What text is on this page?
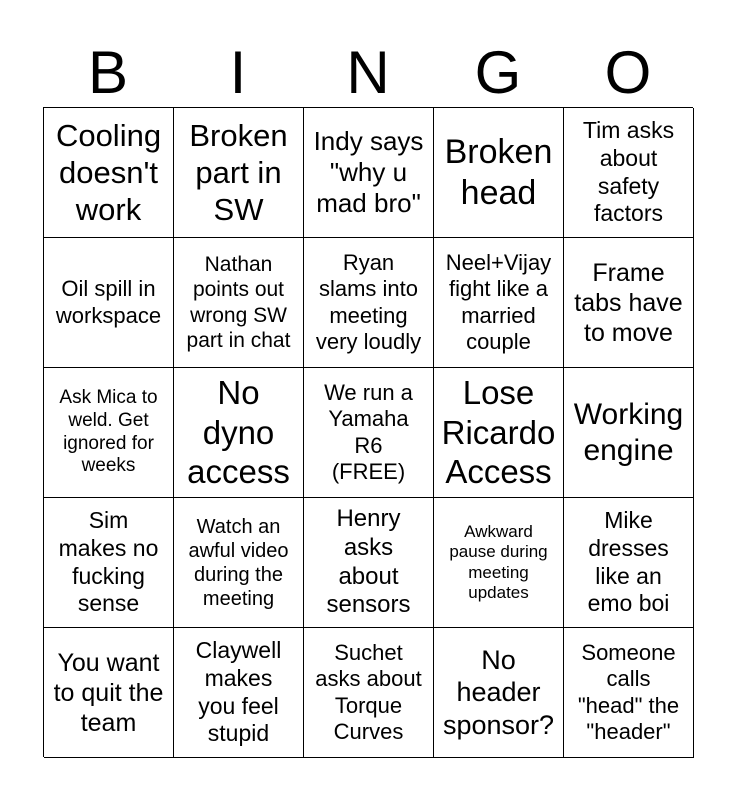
B	I	N	G	O
Cooling
doesn't
work
Broken
part in
SW
Indy says
"why u
mad bro"
Broken
head
Tim asks
about
safety
factors
Oil spill in
workspace
Nathan
points out
wrong SW
part in chat
Ryan
slams into
meeting
very loudly
Neel+Vijay
fight like a
married
couple
Frame
tabs have
to move
Ask Mica to
weld. Get
ignored for
weeks
No
dyno
access
We run a
Yamaha
R6
(FREE)
Lose
Ricardo
Access
Working
engine
Sim
makes no
fucking
sense
Watch an
awful video
during the
meeting
Henry
asks
about
sensors
Awkward
pause during
meeting
updates
Mike
dresses
like an
emo boi
You want
to quit the
team
Claywell
makes
you feel
stupid
Suchet
asks about
Torque
Curves
No
header
sponsor?
Someone
calls
"head" the
"header"
